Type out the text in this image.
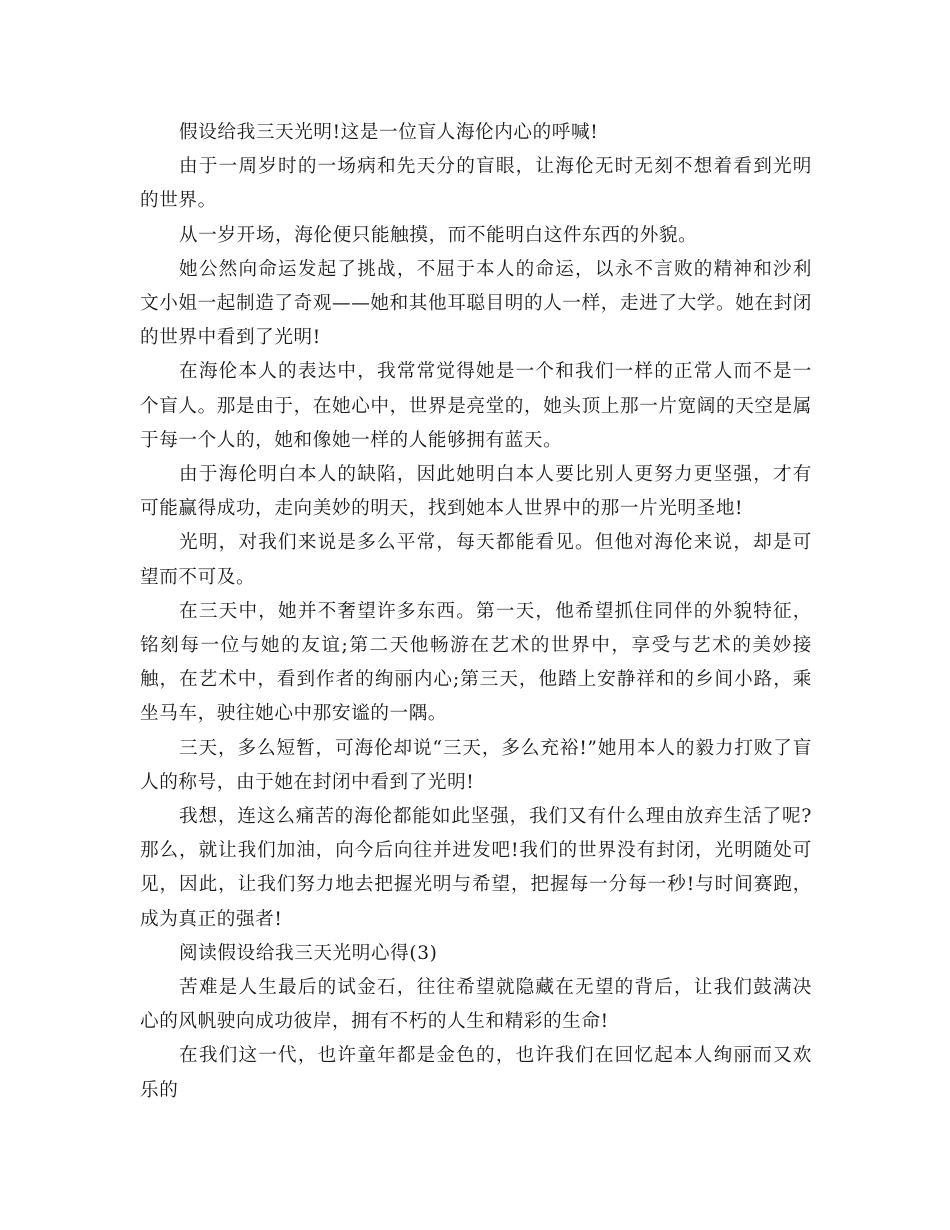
假设给我三天光明!这是一位盲人海伦内心的呼喊!

由于一周岁时的一场病和先天分的盲眼，让海伦无时无刻不想着看到光明的世界。

从一岁开场，海伦便只能触摸，而不能明白这件东西的外貌。

她公然向命运发起了挑战，不屈于本人的命运，以永不言败的精神和沙利文小姐一起制造了奇观——她和其他耳聪目明的人一样，走进了大学。她在封闭的世界中看到了光明!

在海伦本人的表达中，我常常觉得她是一个和我们一样的正常人而不是一个盲人。那是由于，在她心中，世界是亮堂的，她头顶上那一片宽阔的天空是属于每一个人的，她和像她一样的人能够拥有蓝天。

由于海伦明白本人的缺陷，因此她明白本人要比别人更努力更坚强，才有可能赢得成功，走向美妙的明天，找到她本人世界中的那一片光明圣地!

光明，对我们来说是多么平常，每天都能看见。但他对海伦来说，却是可望而不可及。

在三天中，她并不奢望许多东西。第一天，他希望抓住同伴的外貌特征，铭刻每一位与她的友谊;第二天他畅游在艺术的世界中，享受与艺术的美妙接触，在艺术中，看到作者的绚丽内心;第三天，他踏上安静祥和的乡间小路，乘坐马车，驶往她心中那安谧的一隅。

三天，多么短暂，可海伦却说“三天，多么充裕!”她用本人的毅力打败了盲人的称号，由于她在封闭中看到了光明!

我想，连这么痛苦的海伦都能如此坚强，我们又有什么理由放弃生活了呢?那么，就让我们加油，向今后向往并进发吧!我们的世界没有封闭，光明随处可见，因此，让我们努力地去把握光明与希望，把握每一分每一秒!与时间赛跑，成为真正的强者!

阅读假设给我三天光明心得(3)

苦难是人生最后的试金石，往往希望就隐藏在无望的背后，让我们鼓满决心的风帆驶向成功彼岸，拥有不朽的人生和精彩的生命!

在我们这一代，也许童年都是金色的，也许我们在回忆起本人绚丽而又欢乐的
